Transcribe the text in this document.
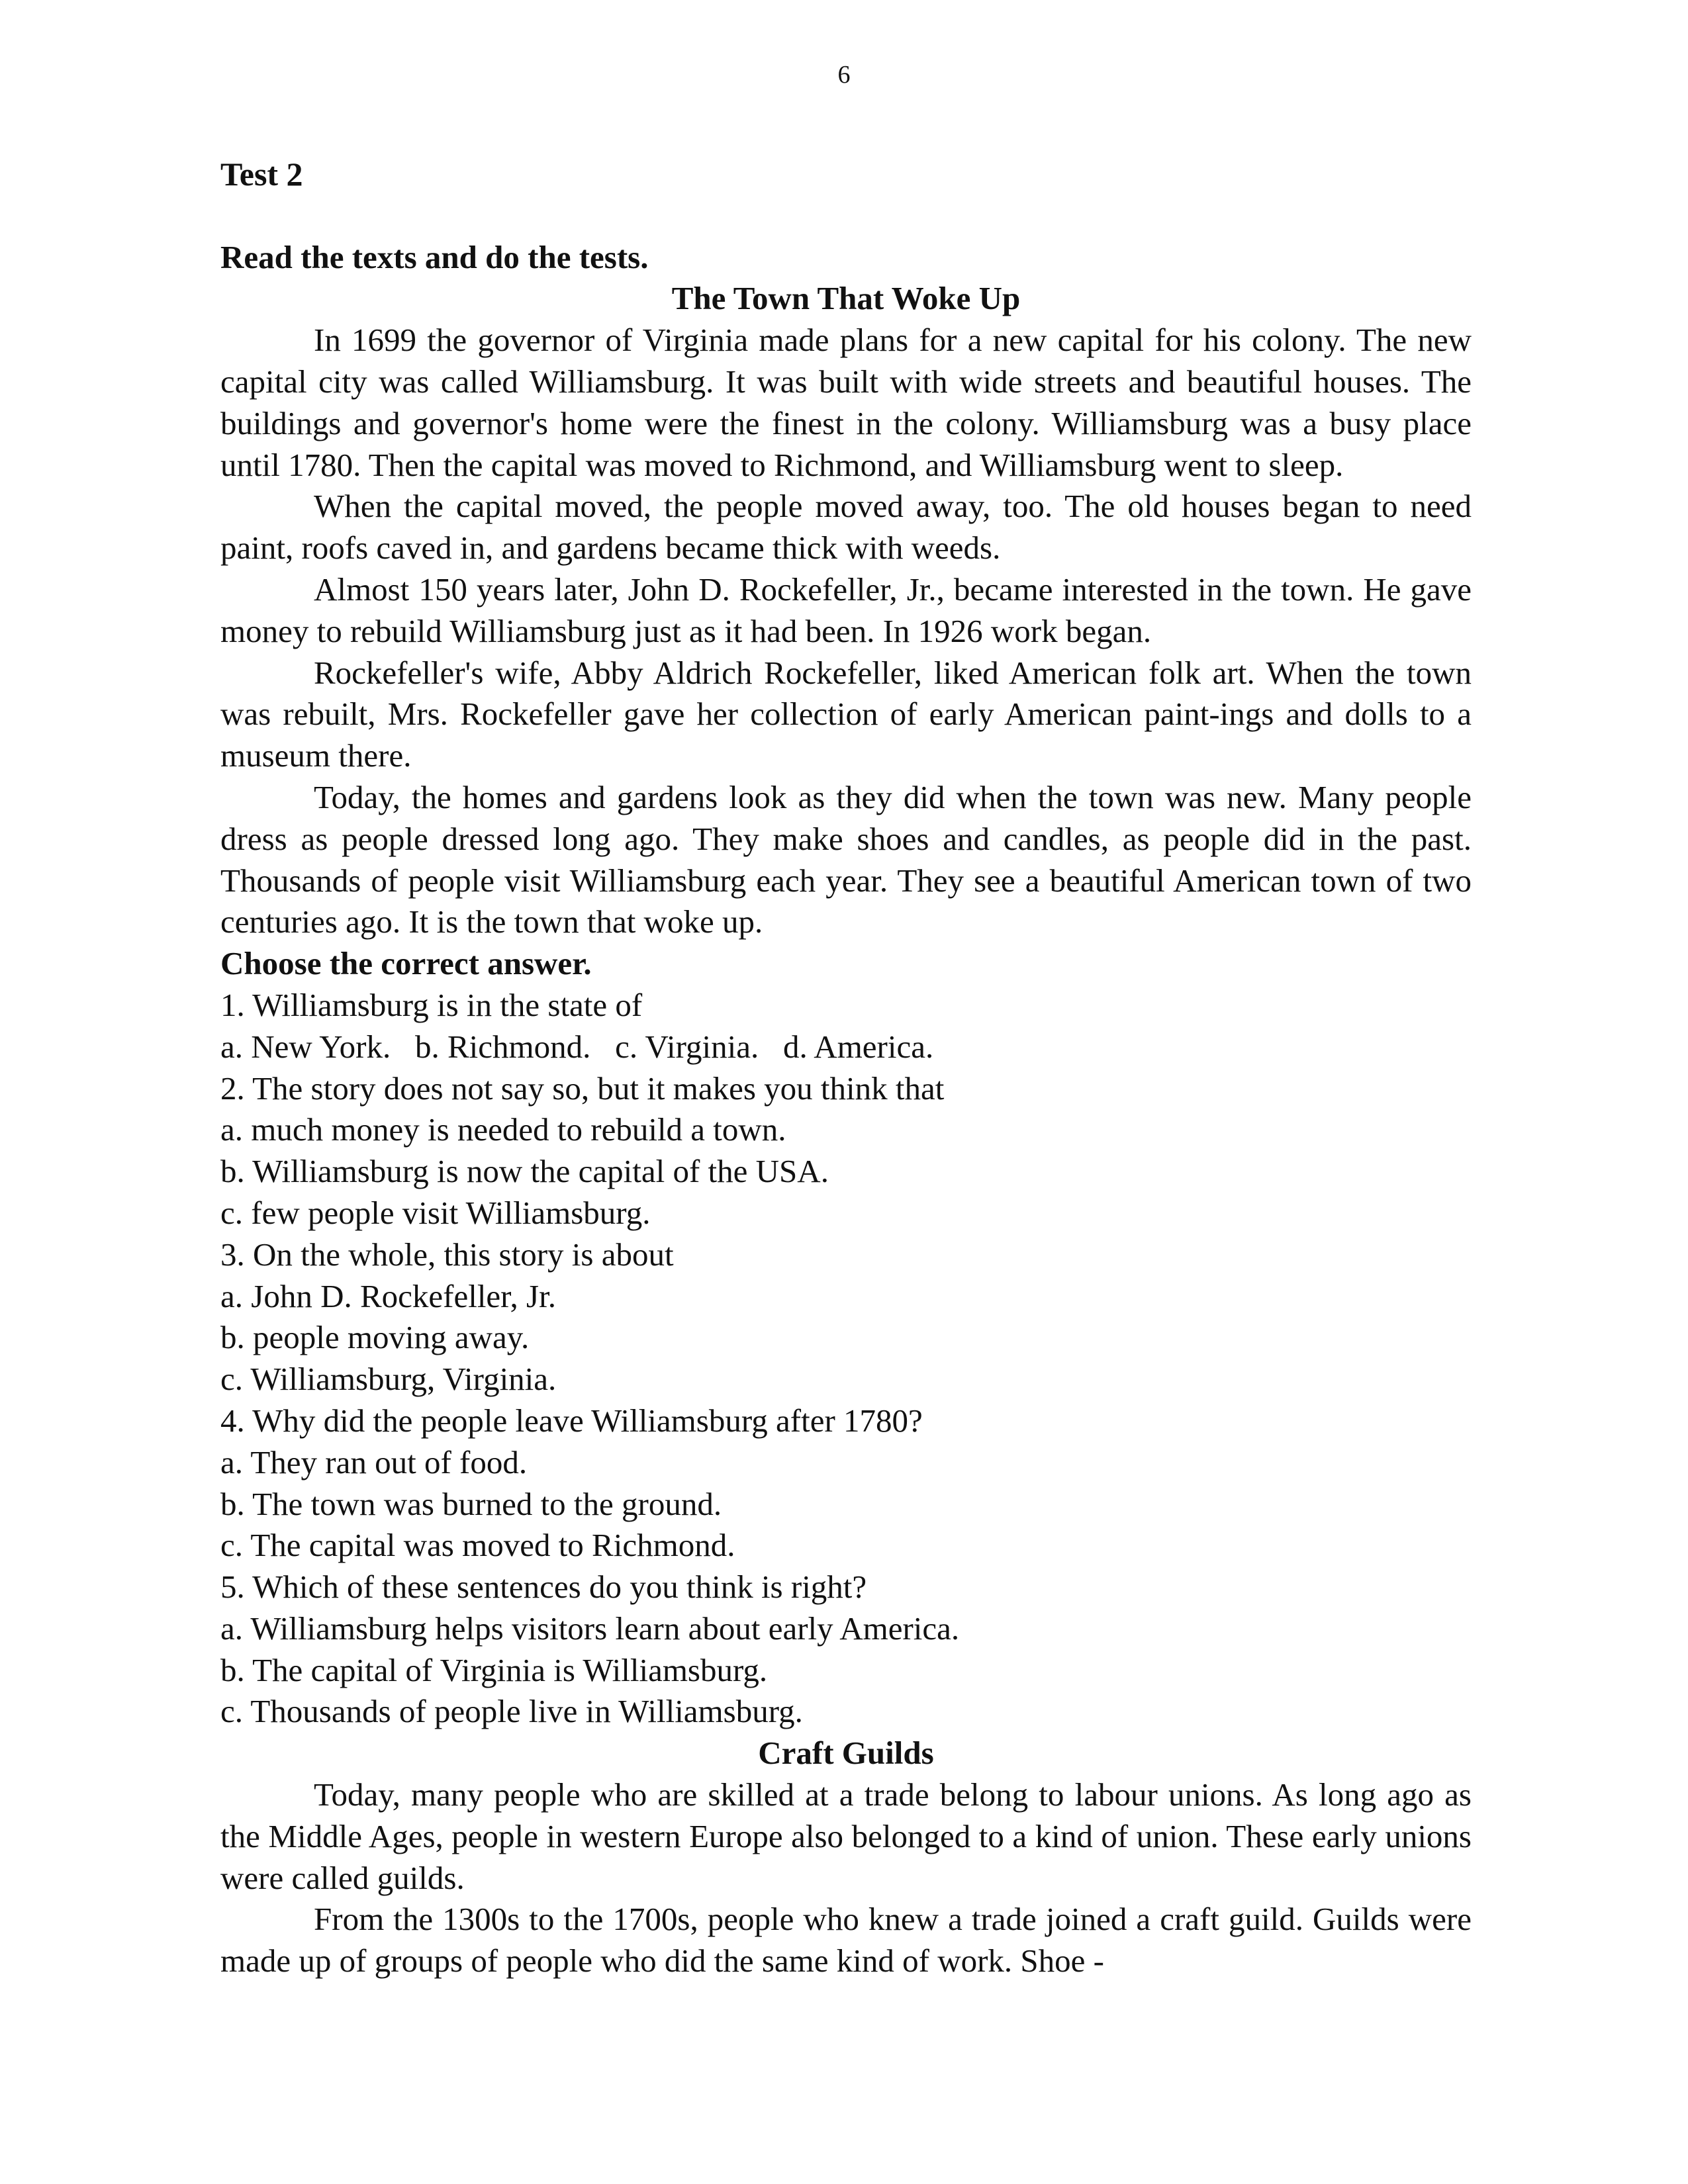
6

Test 2

Read the texts and do the tests.

The Town That Woke Up

In 1699 the governor of Virginia made plans for a new capital for his colony. The new capital city was called Williamsburg. It was built with wide streets and beautiful houses. The buildings and governor's home were the finest in the colony. Williamsburg was a busy place until 1780. Then the capital was moved to Richmond, and Williamsburg went to sleep.

When the capital moved, the people moved away, too. The old houses began to need paint, roofs caved in, and gardens became thick with weeds.

Almost 150 years later, John D. Rockefeller, Jr., became interested in the town. He gave money to rebuild Williamsburg just as it had been. In 1926 work began.

Rockefeller's wife, Abby Aldrich Rockefeller, liked American folk art. When the town was rebuilt, Mrs. Rockefeller gave her collection of early American paint-ings and dolls to a museum there.

Today, the homes and gardens look as they did when the town was new. Many people dress as people dressed long ago. They make shoes and candles, as people did in the past. Thousands of people visit Williamsburg each year. They see a beautiful American town of two centuries ago. It is the town that woke up.

Choose the correct answer.

1. Williamsburg is in the state of

a. New York. b. Richmond. c. Virginia. d. America.

2. The story does not say so, but it makes you think that

a. much money is needed to rebuild a town.

b. Williamsburg is now the capital of the USA.

c. few people visit Williamsburg.

3. On the whole, this story is about

a. John D. Rockefeller, Jr.

b. people moving away.

c. Williamsburg, Virginia.

4. Why did the people leave Williamsburg after 1780?

a. They ran out of food.

b. The town was burned to the ground.

c. The capital was moved to Richmond.

5. Which of these sentences do you think is right?

a. Williamsburg helps visitors learn about early America.

b. The capital of Virginia is Williamsburg.

c. Thousands of people live in Williamsburg.

Craft Guilds

Today, many people who are skilled at a trade belong to labour unions. As long ago as the Middle Ages, people in western Europe also belonged to a kind of union. These early unions were called guilds.

From the 1300s to the 1700s, people who knew a trade joined a craft guild. Guilds were made up of groups of people who did the same kind of work. Shoe -
